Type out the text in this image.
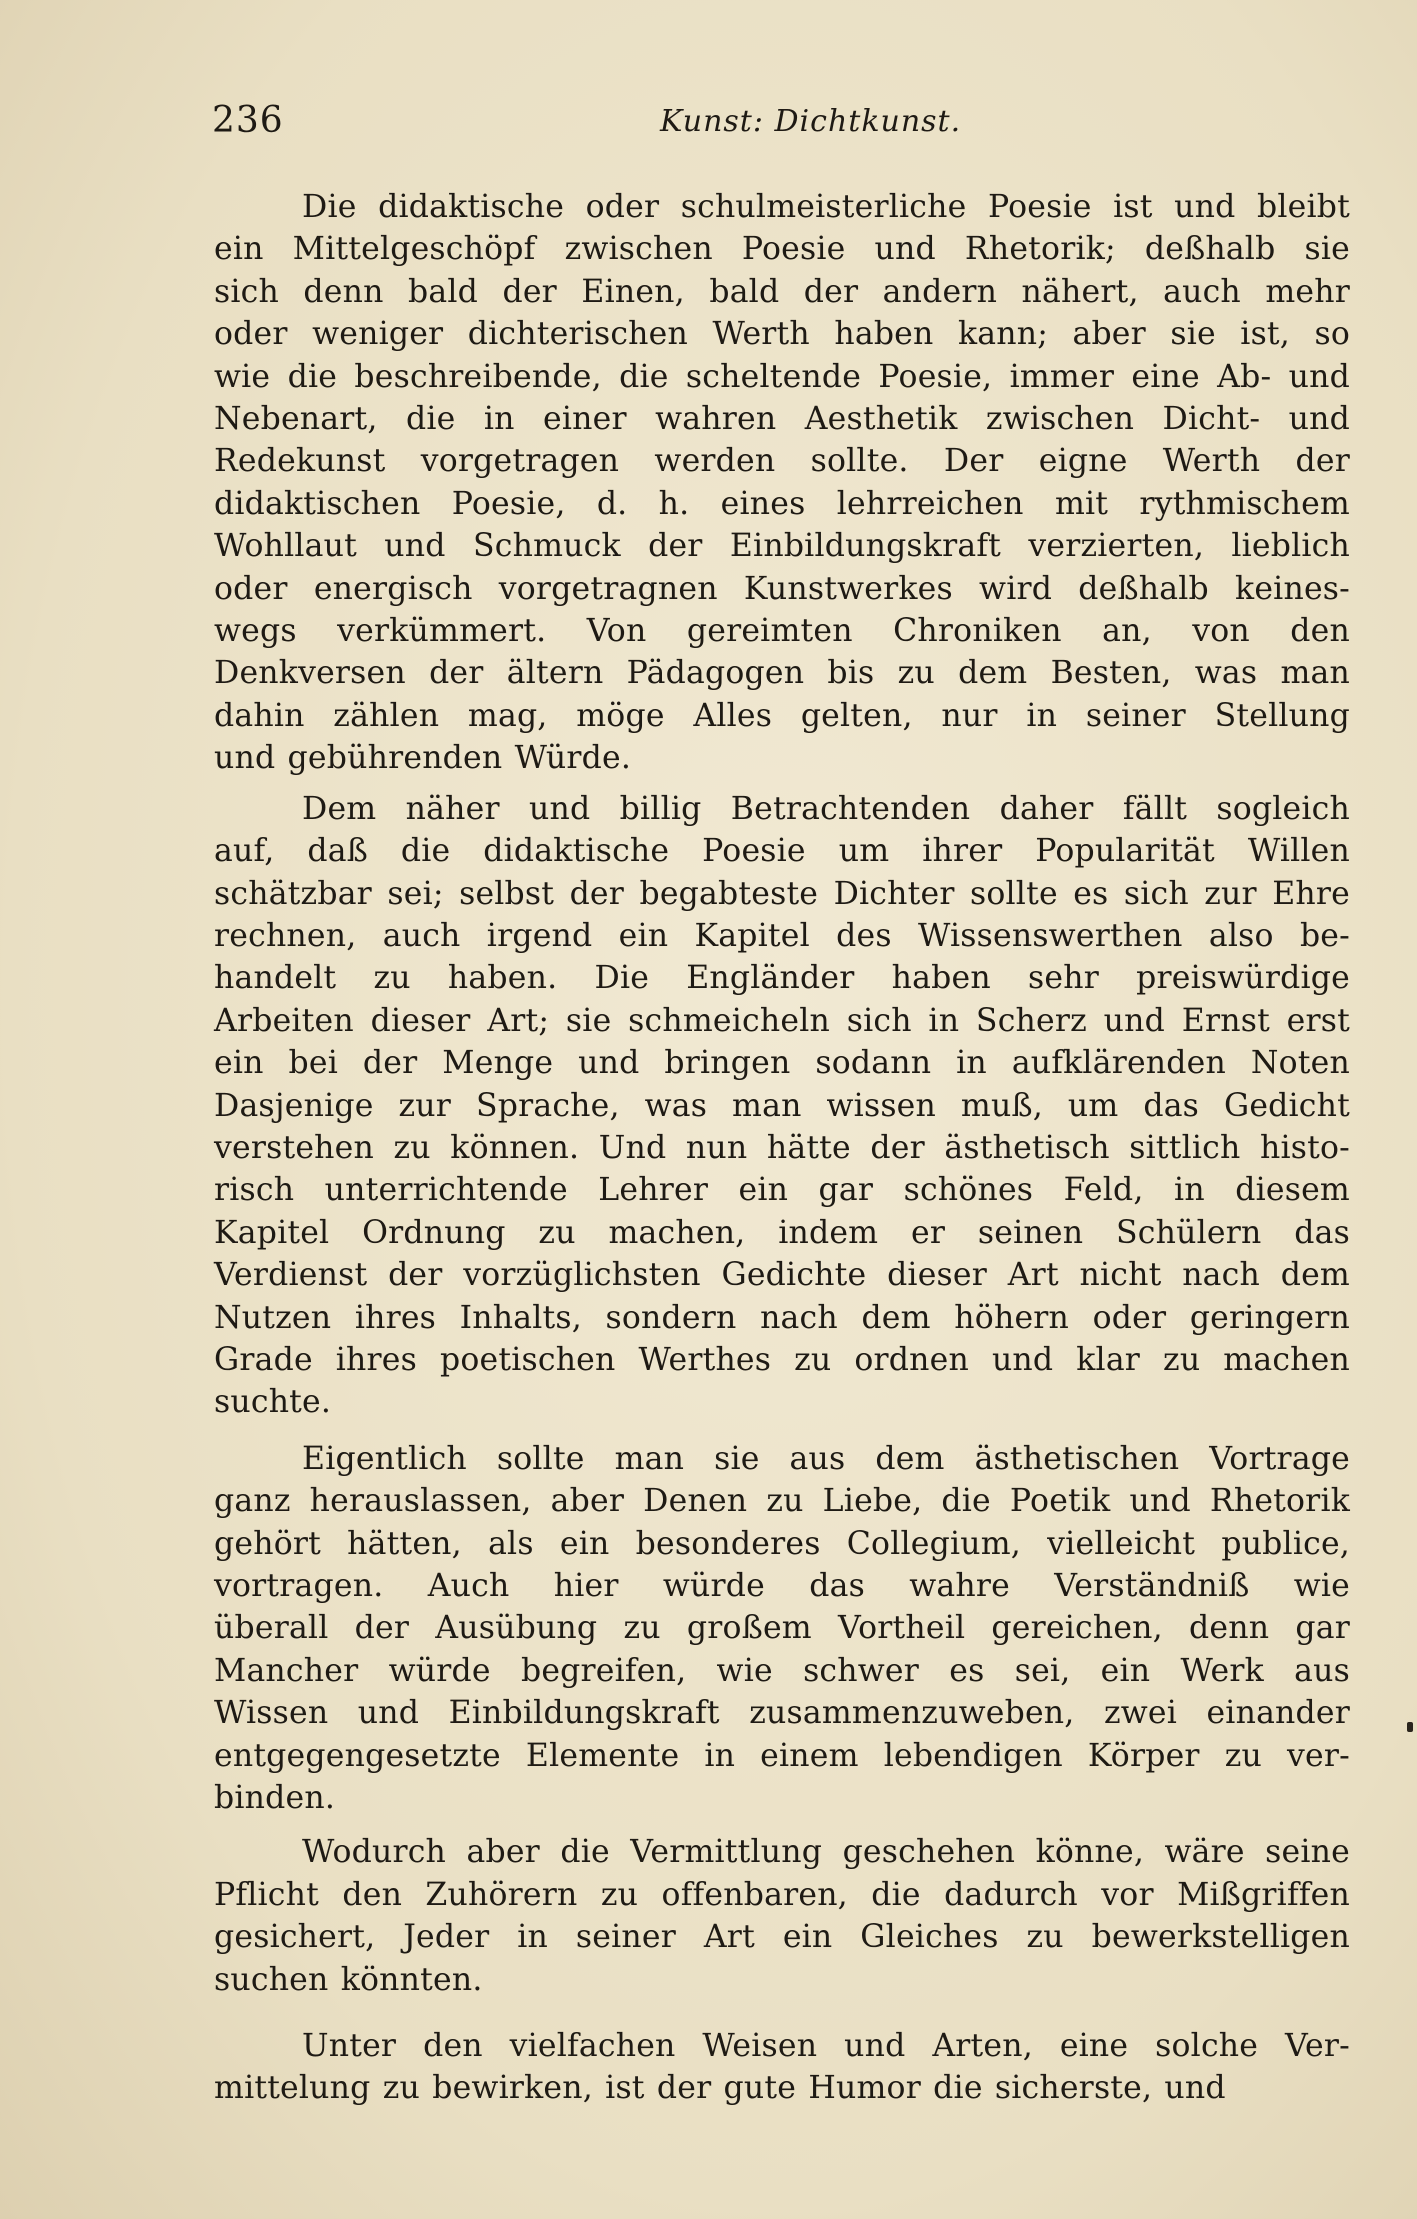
236	Kunst: Dichtkunst.

Die didaktische oder schulmeisterliche Poesie ist und bleibt

ein Mittelgeschöpf zwischen Poesie und Rhetorik; deßhalb sie

sich denn bald der Einen, bald der andern nähert, auch mehr

oder weniger dichterischen Werth haben kann; aber sie ist, so

wie die beschreibende, die scheltende Poesie, immer eine Ab- und

Nebenart, die in einer wahren Aesthetik zwischen Dicht- und

Redekunst vorgetragen werden sollte. Der eigne Werth der

didaktischen Poesie, d. h. eines lehrreichen mit rythmischem

Wohllaut und Schmuck der Einbildungskraft verzierten, lieblich

oder energisch vorgetragnen Kunstwerkes wird deßhalb keines-

wegs verkümmert. Von gereimten Chroniken an, von den

Denkversen der ältern Pädagogen bis zu dem Besten, was man

dahin zählen mag, möge Alles gelten, nur in seiner Stellung

und gebührenden Würde.

Dem näher und billig Betrachtenden daher fällt sogleich

auf, daß die didaktische Poesie um ihrer Popularität Willen

schätzbar sei; selbst der begabteste Dichter sollte es sich zur Ehre

rechnen, auch irgend ein Kapitel des Wissenswerthen also be-

handelt zu haben. Die Engländer haben sehr preiswürdige

Arbeiten dieser Art; sie schmeicheln sich in Scherz und Ernst erst

ein bei der Menge und bringen sodann in aufklärenden Noten

Dasjenige zur Sprache, was man wissen muß, um das Gedicht

verstehen zu können. Und nun hätte der ästhetisch sittlich histo-

risch unterrichtende Lehrer ein gar schönes Feld, in diesem

Kapitel Ordnung zu machen, indem er seinen Schülern das

Verdienst der vorzüglichsten Gedichte dieser Art nicht nach dem

Nutzen ihres Inhalts, sondern nach dem höhern oder geringern

Grade ihres poetischen Werthes zu ordnen und klar zu machen

suchte.

Eigentlich sollte man sie aus dem ästhetischen Vortrage

ganz herauslassen, aber Denen zu Liebe, die Poetik und Rhetorik

gehört hätten, als ein besonderes Collegium, vielleicht publice,

vortragen. Auch hier würde das wahre Verständniß wie

überall der Ausübung zu großem Vortheil gereichen, denn gar

Mancher würde begreifen, wie schwer es sei, ein Werk aus

Wissen und Einbildungskraft zusammenzuweben, zwei einander

entgegengesetzte Elemente in einem lebendigen Körper zu ver-

binden.

Wodurch aber die Vermittlung geschehen könne, wäre seine

Pflicht den Zuhörern zu offenbaren, die dadurch vor Mißgriffen

gesichert, Jeder in seiner Art ein Gleiches zu bewerkstelligen

suchen könnten.

Unter den vielfachen Weisen und Arten, eine solche Ver-

mittelung zu bewirken, ist der gute Humor die sicherste, und
